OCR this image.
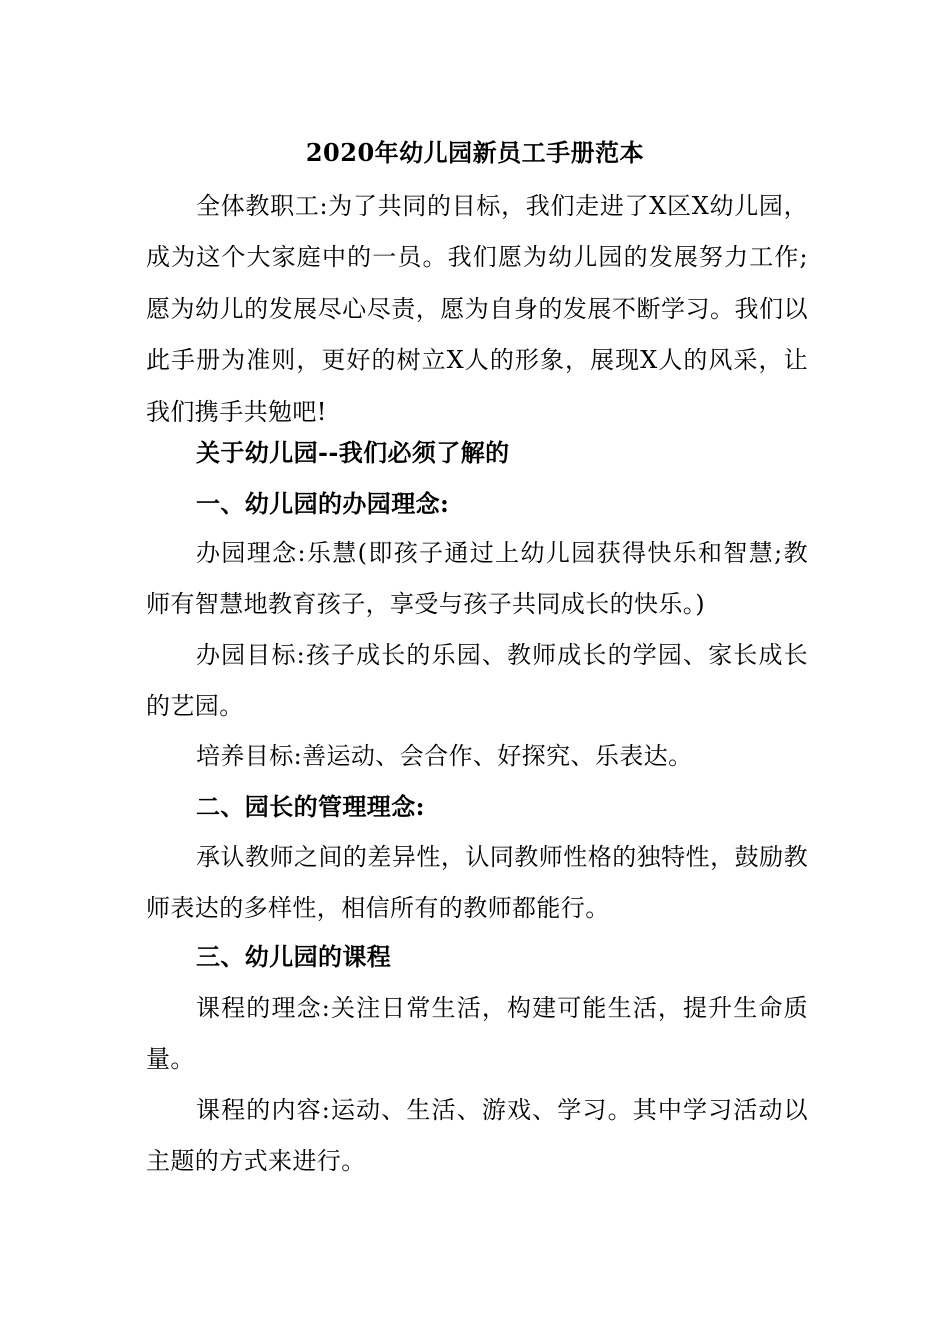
2020年幼儿园新员工手册范本

全体教职工:为了共同的目标，我们走进了X区X幼儿园，成为这个大家庭中的一员。我们愿为幼儿园的发展努力工作;愿为幼儿的发展尽心尽责，愿为自身的发展不断学习。我们以此手册为准则，更好的树立X人的形象，展现X人的风采，让我们携手共勉吧!

关于幼儿园--我们必须了解的
一、幼儿园的办园理念:

办园理念:乐慧(即孩子通过上幼儿园获得快乐和智慧;教师有智慧地教育孩子，享受与孩子共同成长的快乐。)

办园目标:孩子成长的乐园、教师成长的学园、家长成长的艺园。

培养目标:善运动、会合作、好探究、乐表达。

二、园长的管理理念:

承认教师之间的差异性，认同教师性格的独特性，鼓励教师表达的多样性，相信所有的教师都能行。

三、幼儿园的课程

课程的理念:关注日常生活，构建可能生活，提升生命质量。

课程的内容:运动、生活、游戏、学习。其中学习活动以主题的方式来进行。
